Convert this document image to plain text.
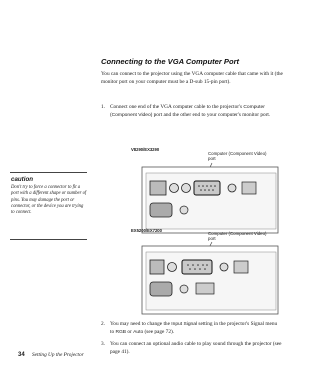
Connecting to the VGA Computer Port
You can connect to the projector using the VGA computer cable that came with it (the monitor port on your computer must be a D-sub 15-pin port).
1. Connect one end of the VGA computer cable to the projector's Computer (Component Video) port and the other end to your computer's monitor port.
caution
Don't try to force a connector to fit a port with a different shape or number of pins. You may damage the port or connector, or the device you are trying to connect.
V8290/EX3290
Computer (Component Video) port
EX5200/EX7200
Computer (Component Video) port
2. You may need to change the Input Signal setting in the projector's Signal menu to RGB or Auto (see page 72).
3. You can connect an optional audio cable to play sound through the projector (see page 41).
34 Setting Up the Projector
